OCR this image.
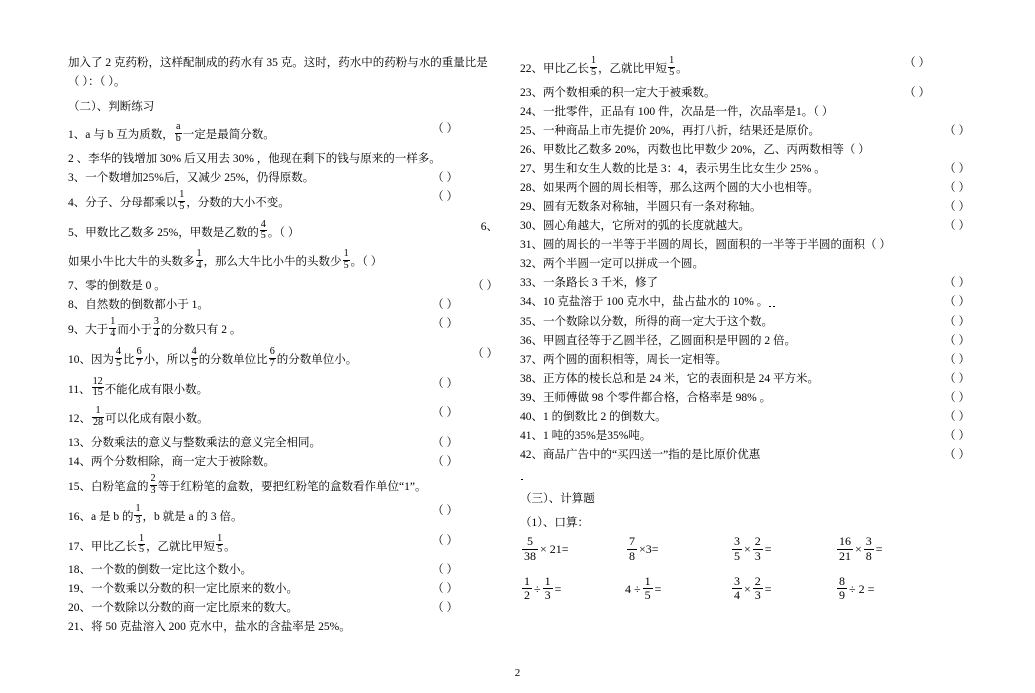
加入了 2 克药粉，这样配制成的药水有 35 克。这时，药水中的药粉与水的重量比是
（ ）：（ ）。
（二）、判断练习
1、a 与 b 互为质数， $\frac{a}{b}$ 一定是最简分数。
（ ）
2 、李华的钱增加 30% 后又用去 30% ，他现在剩下的钱与原来的一样多。
3、一个数增加25%后，又减少 25%，仍得原数。	（ ）
4、分子、分母都乘以 $\frac{1}{5}$ ，分数的大小不变。
（ ）
5、甲数比乙数多 25%，甲数是乙数的 $\frac{4}{5}$ 。（ ）
6、
如果小牛比大牛的头数多 $\frac{1}{4}$ ，那么大牛比小牛的头数少 $\frac{1}{5}$ 。（ ）
7、零的倒数是 0 。	（ ）
8、自然数的倒数都小于 1。	（ ）
9、大于 $\frac{1}{4}$ 而小于 $\frac{3}{4}$ 的分数只有 2 。
（ ）
10、因为 $\frac{4}{5}$ 比 $\frac{6}{7}$ 小，所以 $\frac{4}{5}$ 的分数单位比 $\frac{6}{7}$ 的分数单位小。
（ ）
11、 $\frac{12}{15}$ 不能化成有限小数。
（ ）
12、 $\frac{1}{28}$ 可以化成有限小数。
（ ）
13、分数乘法的意义与整数乘法的意义完全相同。	（ ）
14、两个分数相除，商一定大于被除数。	（ ）
15、白粉笔盒的 $\frac{2}{3}$ 等于红粉笔的盒数，要把红粉笔的盒数看作单位“1”。
16、a 是 b 的 $\frac{1}{3}$ ，b 就是 a 的 3 倍。
（ ）
17、甲比乙长 $\frac{1}{5}$ ，乙就比甲短 $\frac{1}{5}$ 。
（ ）
18、一个数的倒数一定比这个数小。	（ ）
19、一个数乘以分数的积一定比原来的数小。	（ ）
20、一个数除以分数的商一定比原来的数大。	（ ）
21、将 50 克盐溶入 200 克水中，盐水的含盐率是 25%。
22、甲比乙长 $\frac{1}{5}$ ，乙就比甲短 $\frac{1}{5}$ 。
（ ）
23、两个数相乘的积一定大于被乘数。	（ ）
24、一批零件，正品有 100 件，次品是一件，次品率是1。（ ）
25、一种商品上市先提价 20%，再打八折，结果还是原价。	（ ）
26、甲数比乙数多 20%，丙数也比甲数少 20%，乙、丙两数相等（ ）
27、男生和女生人数的比是 3：4，表示男生比女生少 25% 。	（ ）
28、如果两个圆的周长相等，那么这两个圆的大小也相等。	（ ）
29、圆有无数条对称轴，半圆只有一条对称轴。	（ ）
30、圆心角越大，它所对的弧的长度就越大。	（ ）
31、圆的周长的一半等于半圆的周长，圆面积的一半等于半圆的面积（ ）
32、两个半圆一定可以拼成一个圆。
33、一条路长 3 千米，修了	（ ）
34、10 克盐溶于 100 克水中，盐占盐水的 10% 。	（ ）
35、一个数除以分数，所得的商一定大于这个数。	（ ）
36、甲圆直径等于乙圆半径，乙圆面积是甲圆的 2 倍。	（ ）
37、两个圆的面积相等，周长一定相等。	（ ）
38、正方体的棱长总和是 24 米，它的表面积是 24 平方米。	（ ）
39、王师傅做 98 个零件都合格，合格率是 98% 。	（ ）
40、1 的倒数比 2 的倒数大。	（ ）
41、1 吨的35%是35%吨。	（ ）
42、商品广告中的“买四送一”指的是比原价优惠	（ ）
（三）、计算题
（1）、口算：
$\frac{5}{38} \times 21=$	$\frac{7}{8} \times 3=$	$\frac{3}{5} \times \frac{2}{3}$ =	$\frac{16}{21} \times \frac{3}{8}$ =
$\frac{1}{2} \div \frac{1}{3}$ =	$4 \div \frac{1}{5}$ =	$\frac{3}{4} \times \frac{2}{3}$ =	$\frac{8}{9} \div 2$ =
2
